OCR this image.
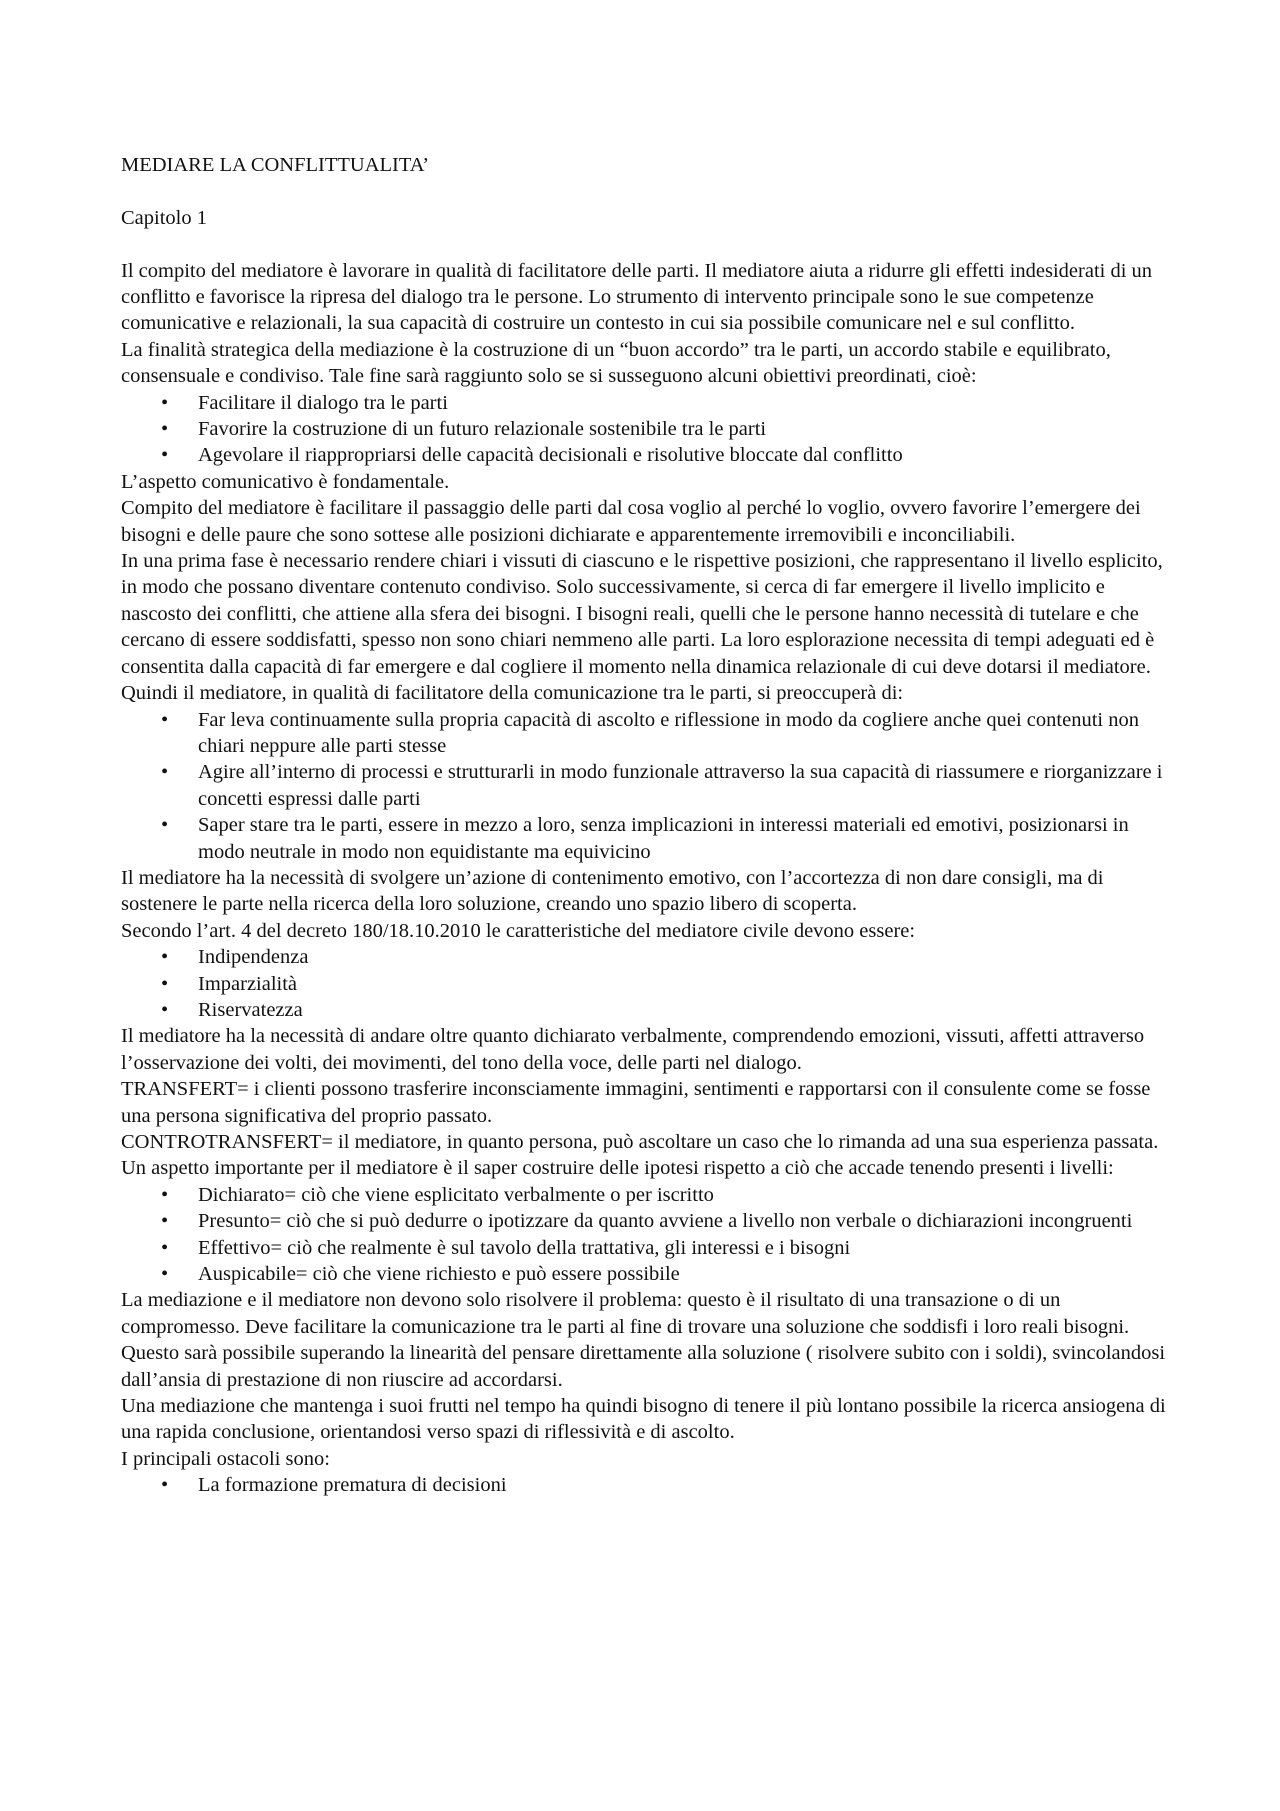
MEDIARE LA CONFLITTUALITA’
Capitolo 1

Il compito del mediatore è lavorare in qualità di facilitatore delle parti. Il mediatore aiuta a ridurre gli effetti indesiderati di un conflitto e favorisce la ripresa del dialogo tra le persone. Lo strumento di intervento principale sono le sue competenze comunicative e relazionali, la sua capacità di costruire un contesto in cui sia possibile comunicare nel e sul conflitto.

La finalità strategica della mediazione è la costruzione di un “buon accordo” tra le parti, un accordo stabile e equilibrato, consensuale e condiviso. Tale fine sarà raggiunto solo se si susseguono alcuni obiettivi preordinati, cioè:

• Facilitare il dialogo tra le parti
• Favorire la costruzione di un futuro relazionale sostenibile tra le parti
• Agevolare il riappropriarsi delle capacità decisionali e risolutive bloccate dal conflitto

L’aspetto comunicativo è fondamentale.

Compito del mediatore è facilitare il passaggio delle parti dal cosa voglio al perché lo voglio, ovvero favorire l’emergere dei bisogni e delle paure che sono sottese alle posizioni dichiarate e apparentemente irremovibili e inconciliabili.

In una prima fase è necessario rendere chiari i vissuti di ciascuno e le rispettive posizioni, che rappresentano il livello esplicito, in modo che possano diventare contenuto condiviso. Solo successivamente, si cerca di far emergere il livello implicito e nascosto dei conflitti, che attiene alla sfera dei bisogni. I bisogni reali, quelli che le persone hanno necessità di tutelare e che cercano di essere soddisfatti, spesso non sono chiari nemmeno alle parti. La loro esplorazione necessita di tempi adeguati ed è consentita dalla capacità di far emergere e dal cogliere il momento nella dinamica relazionale di cui deve dotarsi il mediatore.

Quindi il mediatore, in qualità di facilitatore della comunicazione tra le parti, si preoccuperà di:

• Far leva continuamente sulla propria capacità di ascolto e riflessione in modo da cogliere anche quei contenuti non chiari neppure alle parti stesse
• Agire all’interno di processi e strutturarli in modo funzionale attraverso la sua capacità di riassumere e riorganizzare i concetti espressi dalle parti
• Saper stare tra le parti, essere in mezzo a loro, senza implicazioni in interessi materiali ed emotivi, posizionarsi in modo neutrale in modo non equidistante ma equivicino

Il mediatore ha la necessità di svolgere un’azione di contenimento emotivo, con l’accortezza di non dare consigli, ma di sostenere le parte nella ricerca della loro soluzione, creando uno spazio libero di scoperta.

Secondo l’art. 4 del decreto 180/18.10.2010 le caratteristiche del mediatore civile devono essere:

• Indipendenza
• Imparzialità
• Riservatezza

Il mediatore ha la necessità di andare oltre quanto dichiarato verbalmente, comprendendo emozioni, vissuti, affetti attraverso l’osservazione dei volti, dei movimenti, del tono della voce, delle parti nel dialogo.

TRANSFERT= i clienti possono trasferire inconsciamente immagini, sentimenti e rapportarsi con il consulente come se fosse una persona significativa del proprio passato.

CONTROTRANSFERT= il mediatore, in quanto persona, può ascoltare un caso che lo rimanda ad una sua esperienza passata.

Un aspetto importante per il mediatore è il saper costruire delle ipotesi rispetto a ciò che accade tenendo presenti i livelli:

• Dichiarato= ciò che viene esplicitato verbalmente o per iscritto
• Presunto= ciò che si può dedurre o ipotizzare da quanto avviene a livello non verbale o dichiarazioni incongruenti
• Effettivo= ciò che realmente è sul tavolo della trattativa, gli interessi e i bisogni
• Auspicabile= ciò che viene richiesto e può essere possibile

La mediazione e il mediatore non devono solo risolvere il problema: questo è il risultato di una transazione o di un compromesso. Deve facilitare la comunicazione tra le parti al fine di trovare una soluzione che soddisfi i loro reali bisogni. Questo sarà possibile superando la linearità del pensare direttamente alla soluzione ( risolvere subito con i soldi), svincolandosi dall’ansia di prestazione di non riuscire ad accordarsi.

Una mediazione che mantenga i suoi frutti nel tempo ha quindi bisogno di tenere il più lontano possibile la ricerca ansiogena di una rapida conclusione, orientandosi verso spazi di riflessività e di ascolto.

I principali ostacoli sono:

• La formazione prematura di decisioni
